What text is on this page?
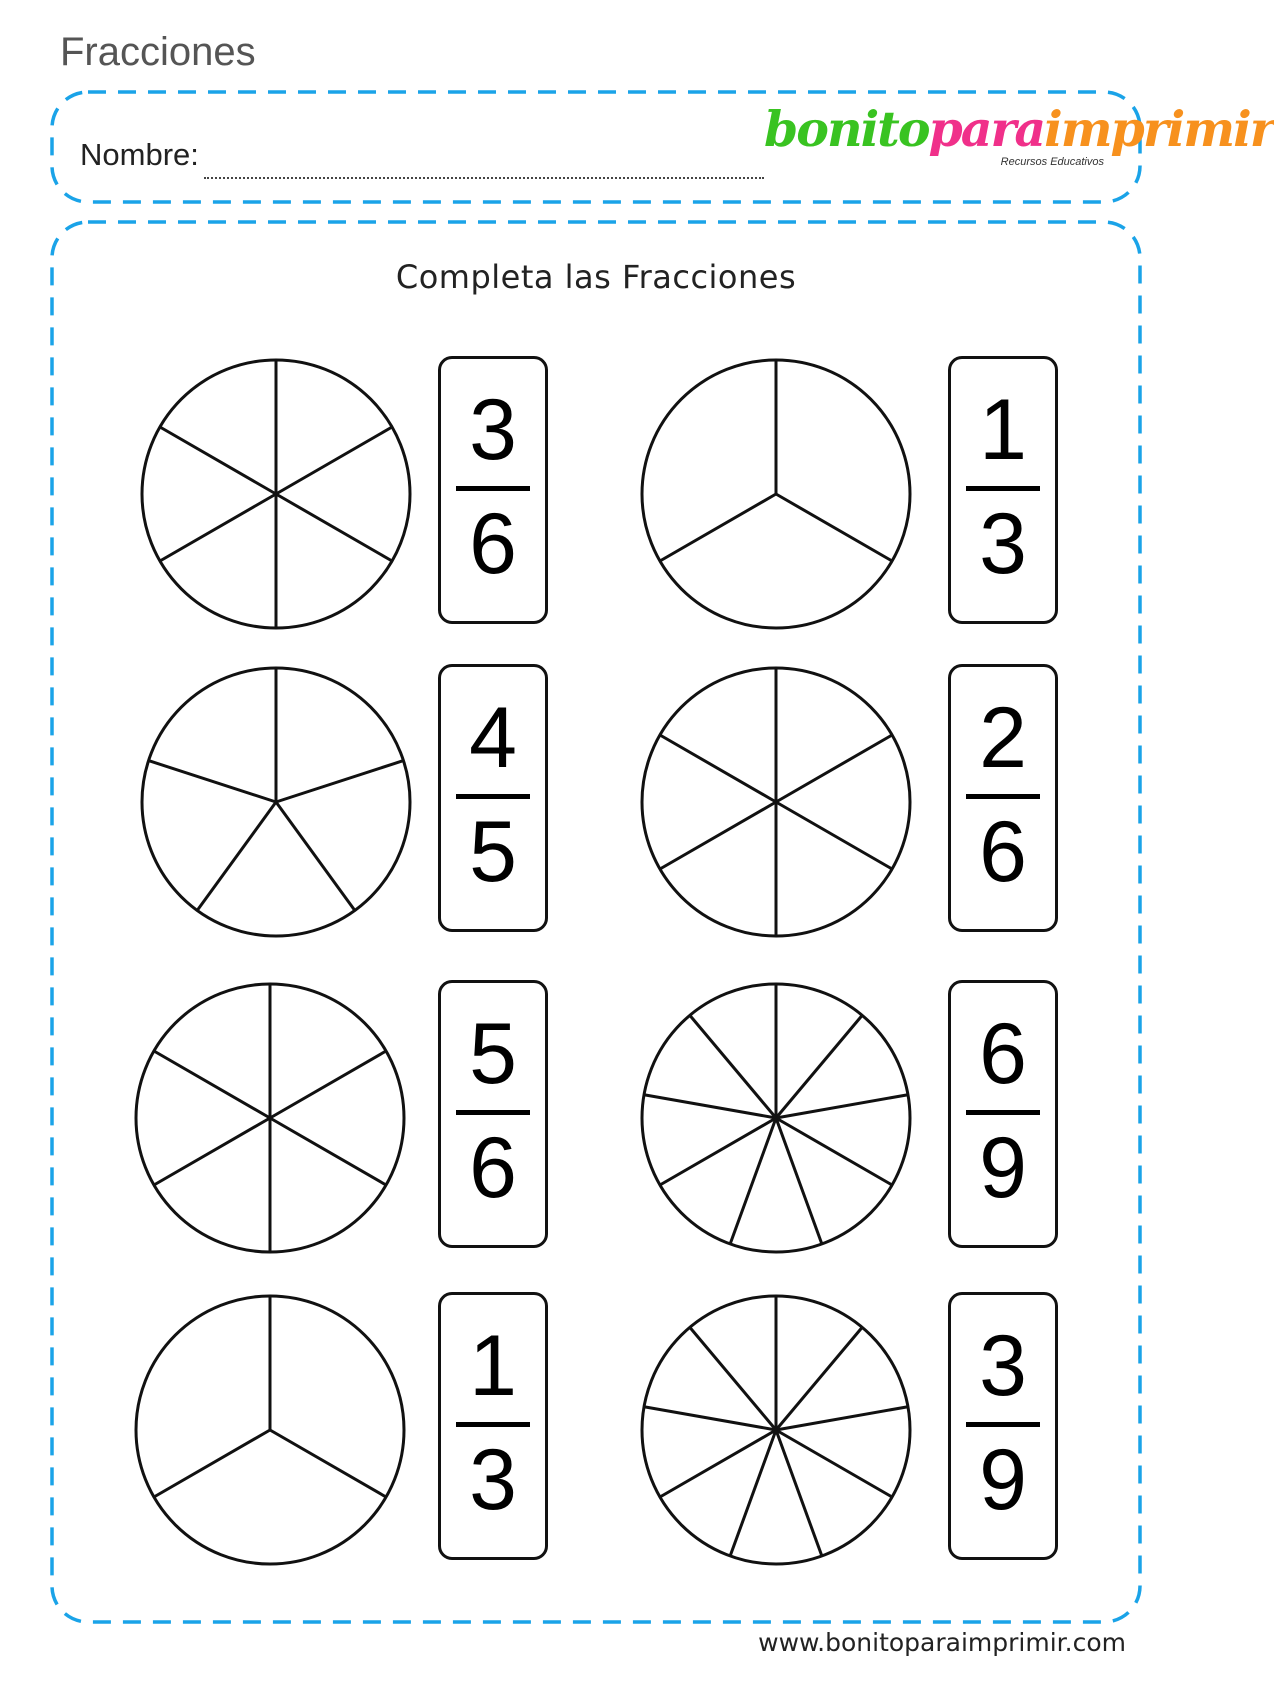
Fracciones
Nombre:	bonitoparaimprimir
Recursos Educativos
Completa las Fracciones
3
6
1
3
4
5
2
6
5
6
6
9
1
3
3
9
www.bonitoparaimprimir.com
